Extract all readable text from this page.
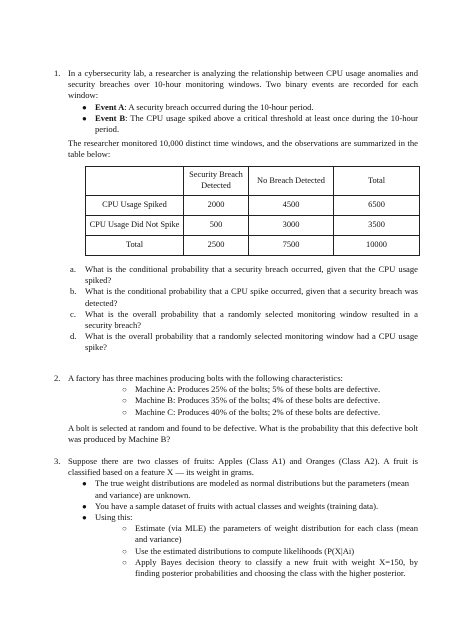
1. In a cybersecurity lab, a researcher is analyzing the relationship between CPU usage anomalies and security breaches over 10-hour monitoring windows. Two binary events are recorded for each window:

● Event A: A security breach occurred during the 10-hour period.
● Event B: The CPU usage spiked above a critical threshold at least once during the 10-hour period.

The researcher monitored 10,000 distinct time windows, and the observations are summarized in the table below:

	Security Breach Detected	No Breach Detected	Total
CPU Usage Spiked	2000	4500	6500
CPU Usage Did Not Spike	500	3000	3500
Total	2500	7500	10000
a. What is the conditional probability that a security breach occurred, given that the CPU usage spiked?
b. What is the conditional probability that a CPU spike occurred, given that a security breach was detected?
c. What is the overall probability that a randomly selected monitoring window resulted in a security breach?
d. What is the overall probability that a randomly selected monitoring window had a CPU usage spike?
2. A factory has three machines producing bolts with the following characteristics:

○ Machine A: Produces 25% of the bolts; 5% of these bolts are defective.
○ Machine B: Produces 35% of the bolts; 4% of these bolts are defective.
○ Machine C: Produces 40% of the bolts; 2% of these bolts are defective.

A bolt is selected at random and found to be defective. What is the probability that this defective bolt was produced by Machine B?

3. Suppose there are two classes of fruits: Apples (Class A1) and Oranges (Class A2). A fruit is classified based on a feature X — its weight in grams.

● The true weight distributions are modeled as normal distributions but the parameters (mean and variance) are unknown.
● You have a sample dataset of fruits with actual classes and weights (training data).
● Using this:
○ Estimate (via MLE) the parameters of weight distribution for each class (mean and variance)
○ Use the estimated distributions to compute likelihoods (P(X|Ai)
○ Apply Bayes decision theory to classify a new fruit with weight X=150, by finding posterior probabilities and choosing the class with the higher posterior.
